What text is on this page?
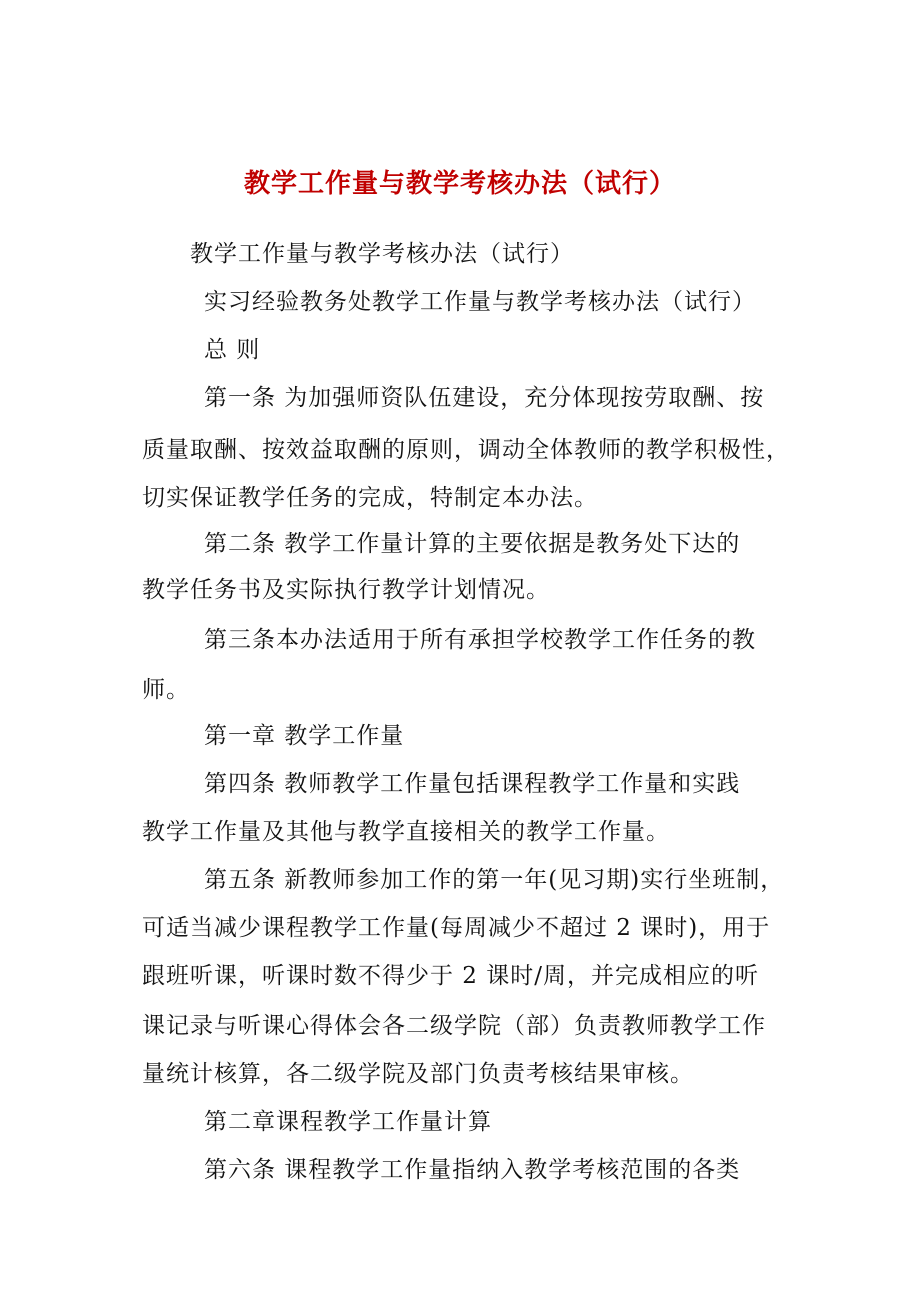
教学工作量与教学考核办法（试行）
教学工作量与教学考核办法（试行）
实习经验教务处教学工作量与教学考核办法（试行）
总 则
第一条 为加强师资队伍建设，充分体现按劳取酬、按
质量取酬、按效益取酬的原则，调动全体教师的教学积极性，
切实保证教学任务的完成，特制定本办法。
第二条 教学工作量计算的主要依据是教务处下达的
教学任务书及实际执行教学计划情况。
第三条本办法适用于所有承担学校教学工作任务的教
师。
第一章 教学工作量
第四条 教师教学工作量包括课程教学工作量和实践
教学工作量及其他与教学直接相关的教学工作量。
第五条 新教师参加工作的第一年(见习期)实行坐班制，
可适当减少课程教学工作量(每周减少不超过 2 课时)，用于
跟班听课，听课时数不得少于 2 课时/周，并完成相应的听
课记录与听课心得体会各二级学院（部）负责教师教学工作
量统计核算，各二级学院及部门负责考核结果审核。
第二章课程教学工作量计算
第六条 课程教学工作量指纳入教学考核范围的各类
